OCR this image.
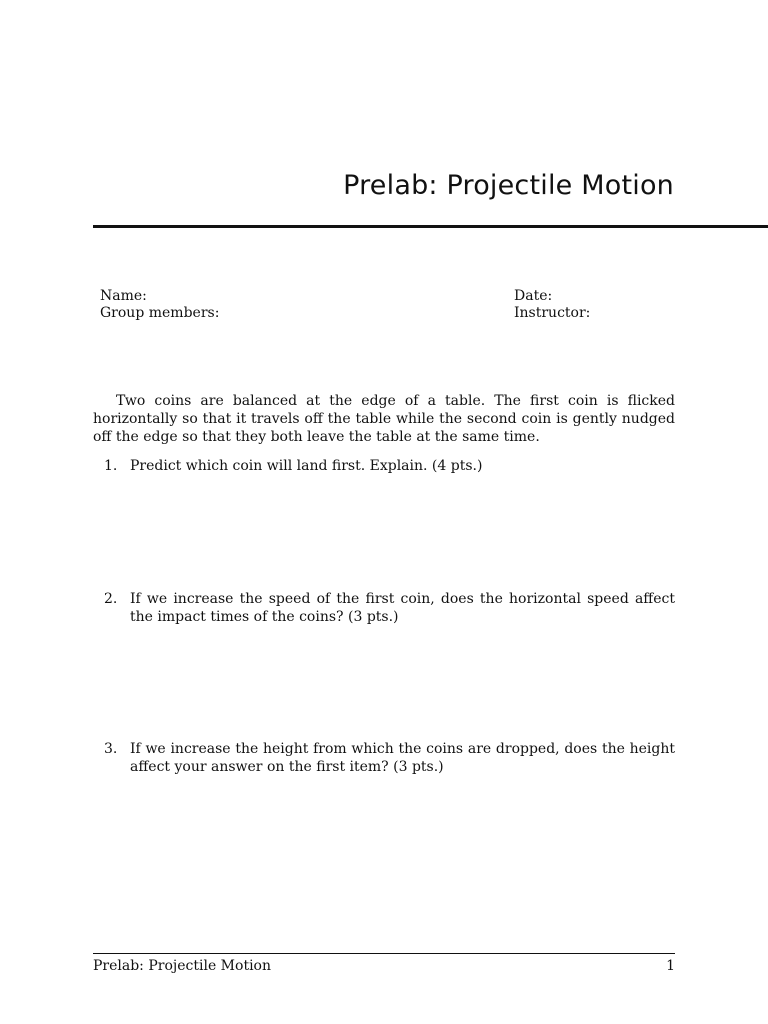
Prelab: Projectile Motion
Name:
Group members:
Date:
Instructor:

Two coins are balanced at the edge of a table. The first coin is flicked horizontally so that it travels off the table while the second coin is gently nudged off the edge so that they both leave the table at the same time.

1. Predict which coin will land first. Explain. (4 pts.)
2. If we increase the speed of the first coin, does the horizontal speed affect the impact times of the coins? (3 pts.)
3. If we increase the height from which the coins are dropped, does the height affect your answer on the first item? (3 pts.)
Prelab: Projectile Motion	1
